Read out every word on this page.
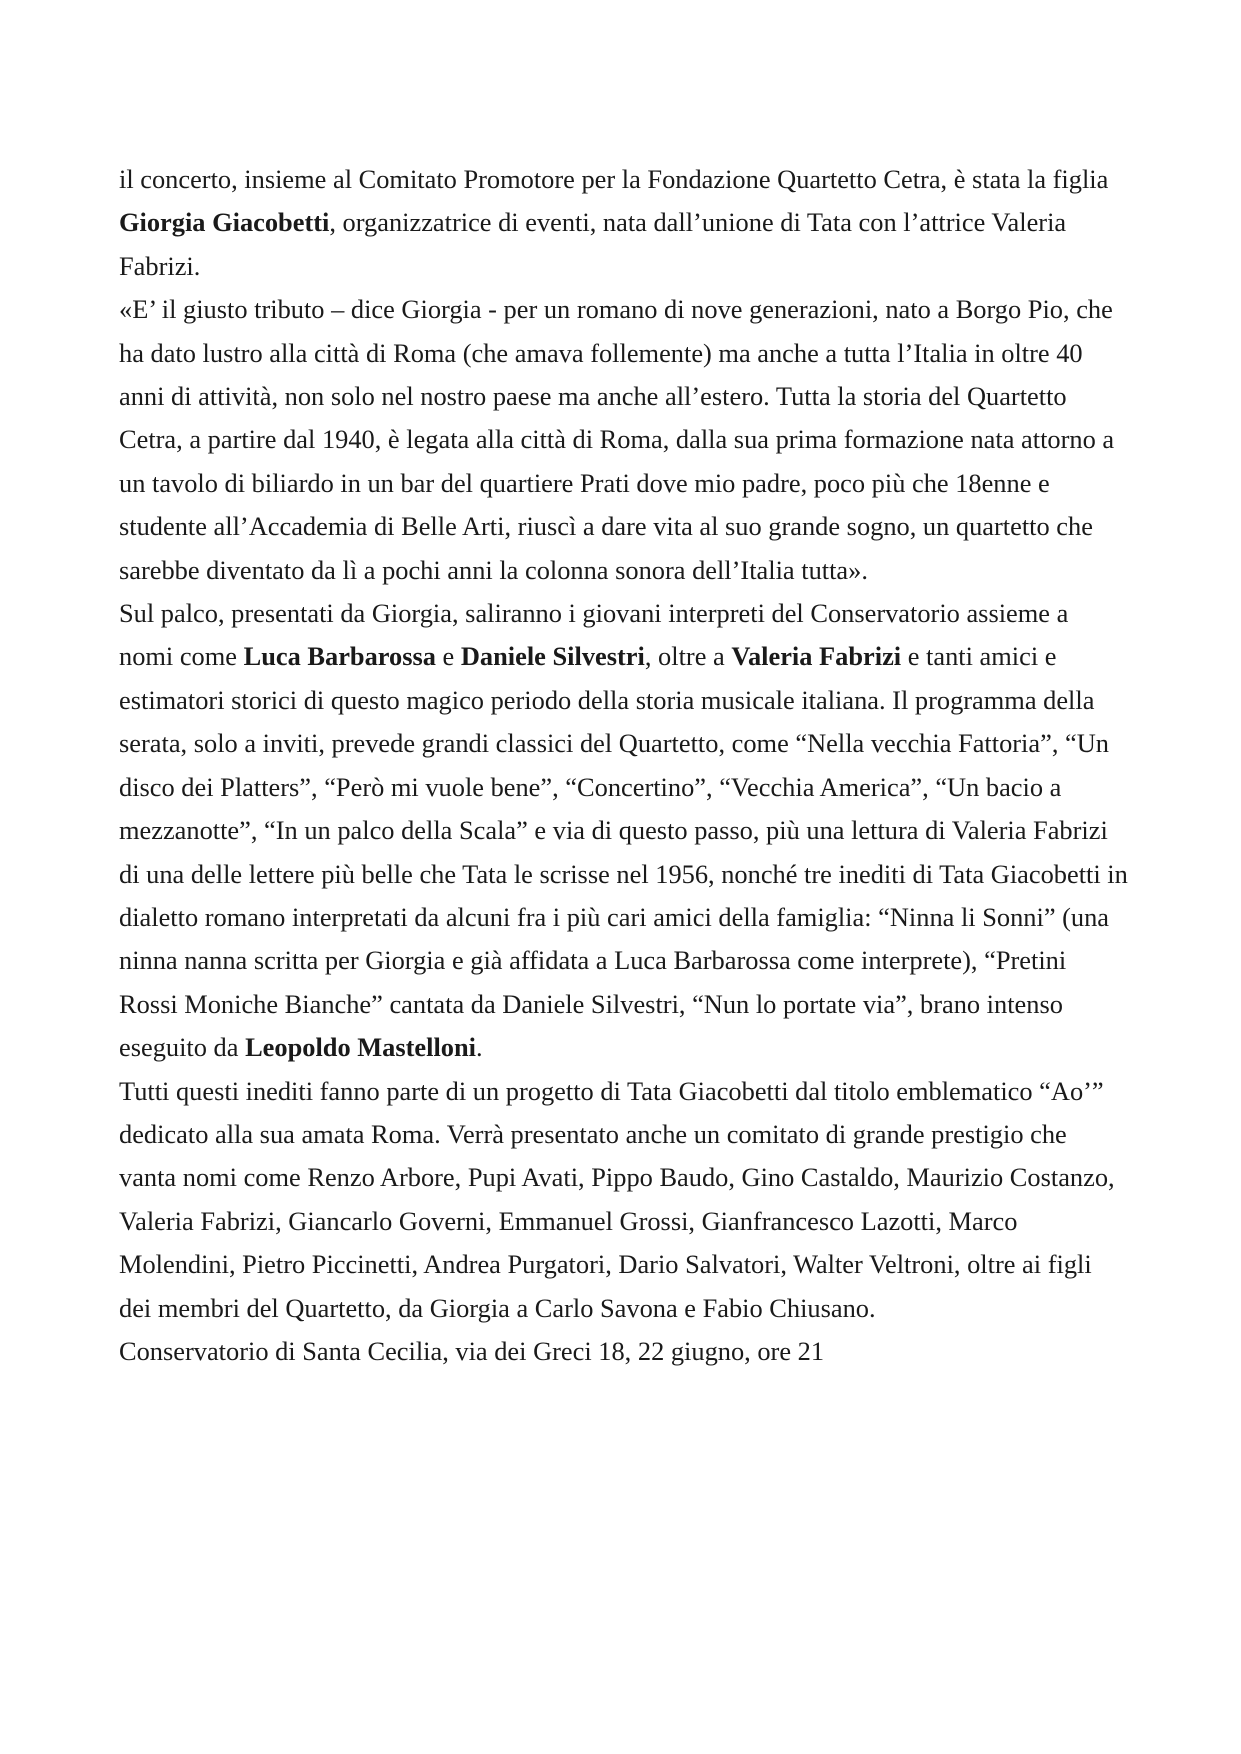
il concerto, insieme al Comitato Promotore per la Fondazione Quartetto Cetra, è stata la figlia Giorgia Giacobetti, organizzatrice di eventi, nata dall’unione di Tata con l’attrice Valeria Fabrizi.

«E’ il giusto tributo – dice Giorgia - per un romano di nove generazioni, nato a Borgo Pio, che ha dato lustro alla città di Roma (che amava follemente) ma anche a tutta l’Italia in oltre 40 anni di attività, non solo nel nostro paese ma anche all’estero. Tutta la storia del Quartetto Cetra, a partire dal 1940, è legata alla città di Roma, dalla sua prima formazione nata attorno a un tavolo di biliardo in un bar del quartiere Prati dove mio padre, poco più che 18enne e studente all’Accademia di Belle Arti, riuscì a dare vita al suo grande sogno, un quartetto che sarebbe diventato da lì a pochi anni la colonna sonora dell’Italia tutta».

Sul palco, presentati da Giorgia, saliranno i giovani interpreti del Conservatorio assieme a nomi come Luca Barbarossa e Daniele Silvestri, oltre a Valeria Fabrizi e tanti amici e estimatori storici di questo magico periodo della storia musicale italiana. Il programma della serata, solo a inviti, prevede grandi classici del Quartetto, come “Nella vecchia Fattoria”, “Un disco dei Platters”, “Però mi vuole bene”, “Concertino”, “Vecchia America”, “Un bacio a mezzanotte”, “In un palco della Scala” e via di questo passo, più una lettura di Valeria Fabrizi di una delle lettere più belle che Tata le scrisse nel 1956, nonché tre inediti di Tata Giacobetti in dialetto romano interpretati da alcuni fra i più cari amici della famiglia: “Ninna li Sonni” (una ninna nanna scritta per Giorgia e già affidata a Luca Barbarossa come interprete), “Pretini Rossi Moniche Bianche” cantata da Daniele Silvestri, “Nun lo portate via”, brano intenso eseguito da Leopoldo Mastelloni.

Tutti questi inediti fanno parte di un progetto di Tata Giacobetti dal titolo emblematico “Ao’” dedicato alla sua amata Roma. Verrà presentato anche un comitato di grande prestigio che vanta nomi come Renzo Arbore, Pupi Avati, Pippo Baudo, Gino Castaldo, Maurizio Costanzo, Valeria Fabrizi, Giancarlo Governi, Emmanuel Grossi, Gianfrancesco Lazotti, Marco Molendini, Pietro Piccinetti, Andrea Purgatori, Dario Salvatori, Walter Veltroni, oltre ai figli dei membri del Quartetto, da Giorgia a Carlo Savona e Fabio Chiusano.

Conservatorio di Santa Cecilia, via dei Greci 18, 22 giugno, ore 21
